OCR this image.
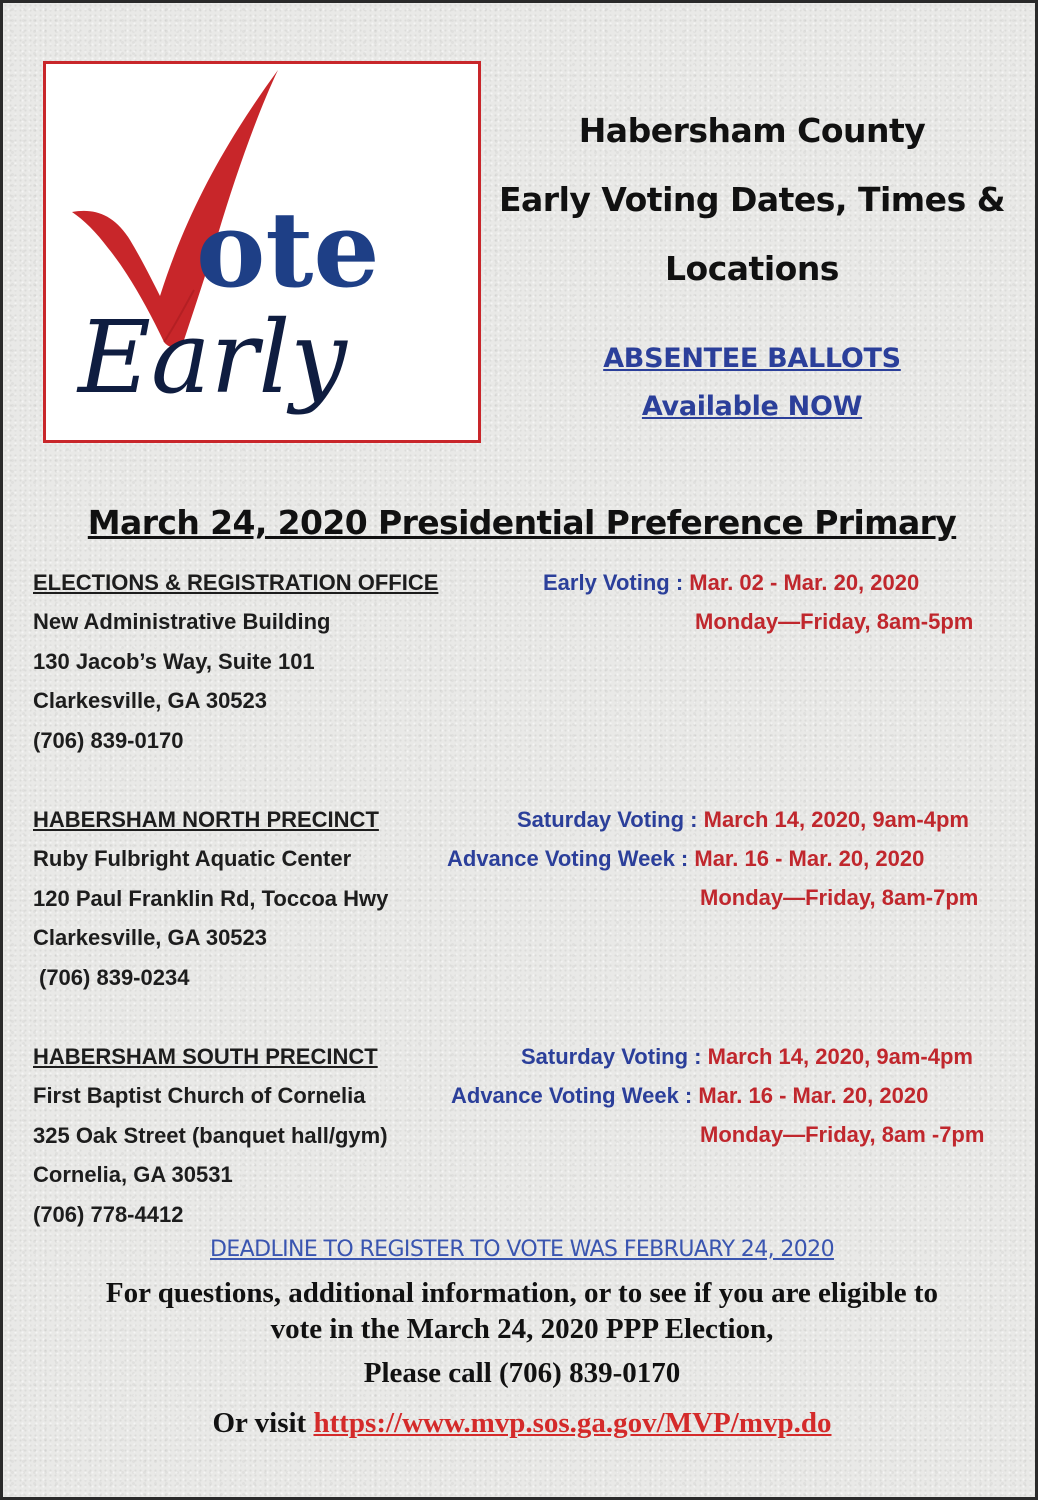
ote
Early
Habersham County
Early Voting Dates, Times &
Locations
ABSENTEE BALLOTS
Available NOW
March 24, 2020 Presidential Preference Primary
ELECTIONS & REGISTRATION OFFICE
New Administrative Building
130 Jacob’s Way, Suite 101
Clarkesville, GA 30523
(706) 839-0170
Early Voting : Mar. 02 - Mar. 20, 2020
Monday—Friday, 8am-5pm
HABERSHAM NORTH PRECINCT
Ruby Fulbright Aquatic Center
120 Paul Franklin Rd, Toccoa Hwy
Clarkesville, GA 30523
(706) 839-0234
Saturday Voting : March 14, 2020, 9am-4pm
Advance Voting Week : Mar. 16 - Mar. 20, 2020
Monday—Friday, 8am-7pm
HABERSHAM SOUTH PRECINCT
First Baptist Church of Cornelia
325 Oak Street (banquet hall/gym)
Cornelia, GA 30531
(706) 778-4412
Saturday Voting : March 14, 2020, 9am-4pm
Advance Voting Week : Mar. 16 - Mar. 20, 2020
Monday—Friday, 8am -7pm
DEADLINE TO REGISTER TO VOTE WAS FEBRUARY 24, 2020
For questions, additional information, or to see if you are eligible to
vote in the March 24, 2020 PPP Election,
Please call (706) 839-0170
Or visit https://www.mvp.sos.ga.gov/MVP/mvp.do
